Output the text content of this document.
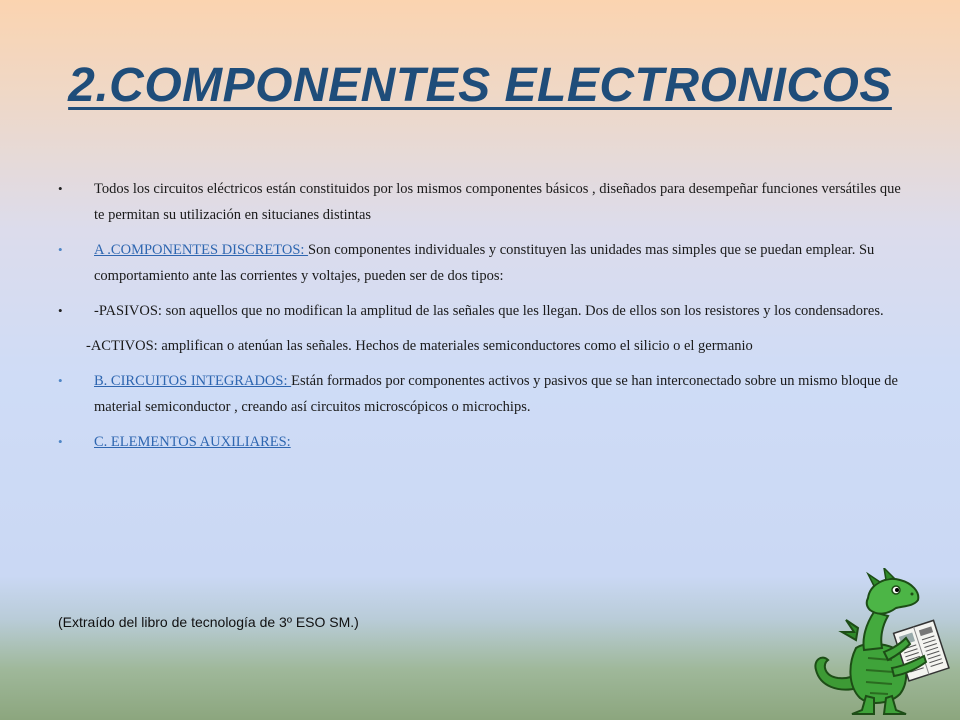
2.COMPONENTES ELECTRONICOS
• Todos los circuitos eléctricos están constituidos por los mismos componentes básicos , diseñados para desempeñar funciones versátiles que te permitan su utilización en situcianes distintas
• A .COMPONENTES DISCRETOS: Son componentes individuales y constituyen las unidades mas simples que se puedan emplear. Su comportamiento ante las corrientes y voltajes, pueden ser de dos tipos:
• -PASIVOS: son aquellos que no modifican la amplitud de las señales que les llegan. Dos de ellos son los resistores y los condensadores.
-ACTIVOS: amplifican o atenúan las señales. Hechos de materiales semiconductores como el silicio o el germanio
• B. CIRCUITOS INTEGRADOS: Están formados por componentes activos y pasivos que se han interconectado sobre un mismo bloque de material semiconductor , creando así circuitos microscópicos o microchips.
• C. ELEMENTOS AUXILIARES:
(Extraído del libro de tecnología de 3º ESO SM.)
